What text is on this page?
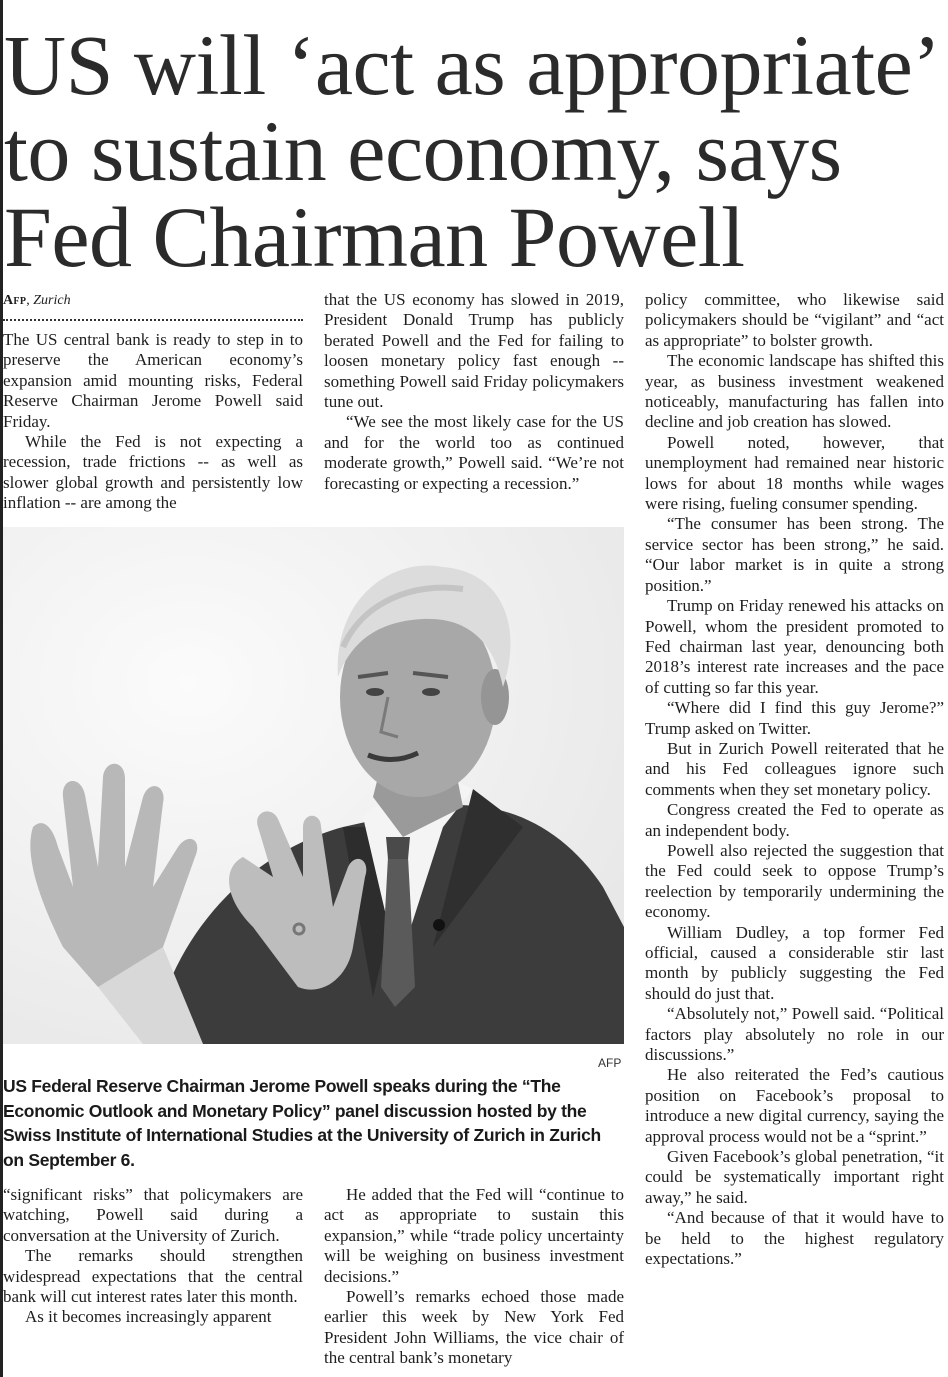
US will ‘act as appropriate’ to sustain economy, says Fed Chairman Powell
Afp, Zurich

The US central bank is ready to step in to preserve the American economy’s expansion amid mounting risks, Federal Reserve Chairman Jerome Powell said Friday.

While the Fed is not expecting a recession, trade frictions -- as well as slower global growth and persistently low inflation -- are among the

that the US economy has slowed in 2019, President Donald Trump has publicly berated Powell and the Fed for failing to loosen monetary policy fast enough -- something Powell said Friday policymakers tune out.

“We see the most likely case for the US and for the world too as continued moderate growth,” Powell said. “We’re not forecasting or expecting a recession.”

AFP

US Federal Reserve Chairman Jerome Powell speaks during the “The Economic Outlook and Monetary Policy” panel discussion hosted by the Swiss Institute of International Studies at the University of Zurich in Zurich on September 6.

“significant risks” that policymakers are watching, Powell said during a conversation at the University of Zurich.

The remarks should strengthen widespread expectations that the central bank will cut interest rates later this month.

As it becomes increasingly apparent

He added that the Fed will “continue to act as appropriate to sustain this expansion,” while “trade policy uncertainty will be weighing on business investment decisions.”

Powell’s remarks echoed those made earlier this week by New York Fed President John Williams, the vice chair of the central bank’s monetary

policy committee, who likewise said policymakers should be “vigilant” and “act as appropriate” to bolster growth.

The economic landscape has shifted this year, as business investment weakened noticeably, manufacturing has fallen into decline and job creation has slowed.

Powell noted, however, that unemployment had remained near historic lows for about 18 months while wages were rising, fueling consumer spending.

“The consumer has been strong. The service sector has been strong,” he said. “Our labor market is in quite a strong position.”

Trump on Friday renewed his attacks on Powell, whom the president promoted to Fed chairman last year, denouncing both 2018’s interest rate increases and the pace of cutting so far this year.

“Where did I find this guy Jerome?” Trump asked on Twitter.

But in Zurich Powell reiterated that he and his Fed colleagues ignore such comments when they set monetary policy.

Congress created the Fed to operate as an independent body.

Powell also rejected the suggestion that the Fed could seek to oppose Trump’s reelection by temporarily undermining the economy.

William Dudley, a top former Fed official, caused a considerable stir last month by publicly suggesting the Fed should do just that.

“Absolutely not,” Powell said. “Political factors play absolutely no role in our discussions.”

He also reiterated the Fed’s cautious position on Facebook’s proposal to introduce a new digital currency, saying the approval process would not be a “sprint.”

Given Facebook’s global penetration, “it could be systematically important right away,” he said.

“And because of that it would have to be held to the highest regulatory expectations.”
